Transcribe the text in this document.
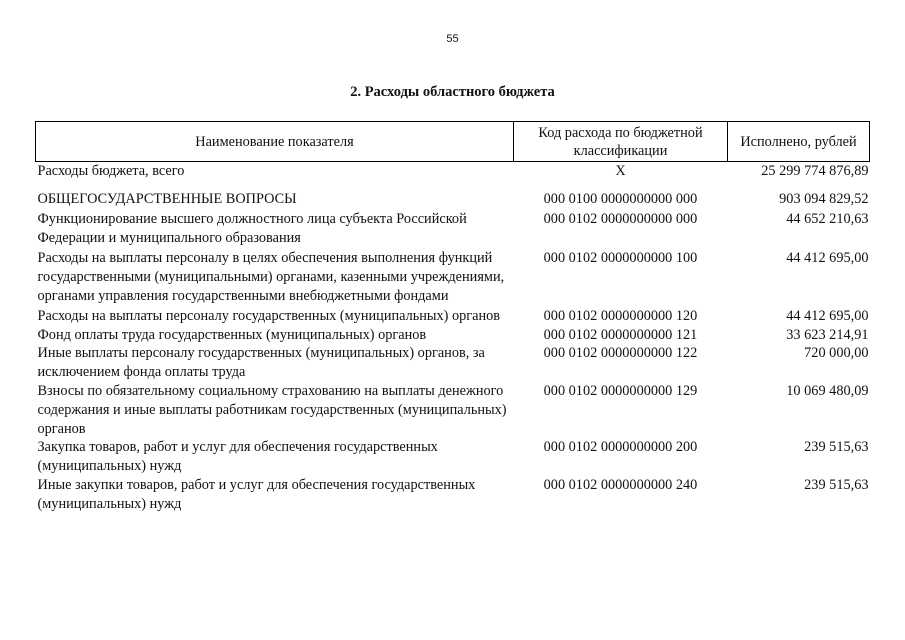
55
2. Расходы областного бюджета
Наименование показателя	Код расхода по бюджетной классификации	Исполнено, рублей
Расходы бюджета, всего	X	25 299 774 876,89
ОБЩЕГОСУДАРСТВЕННЫЕ ВОПРОСЫ	000 0100 0000000000 000	903 094 829,52
Функционирование высшего должностного лица субъекта Российской Федерации и муниципального образования	000 0102 0000000000 000	44 652 210,63
Расходы на выплаты персоналу в целях обеспечения выполнения функций государственными (муниципальными) органами, казенными учреждениями, органами управления государственными внебюджетными фондами	000 0102 0000000000 100	44 412 695,00
Расходы на выплаты персоналу государственных (муниципальных) органов	000 0102 0000000000 120	44 412 695,00
Фонд оплаты труда государственных (муниципальных) органов	000 0102 0000000000 121	33 623 214,91
Иные выплаты персоналу государственных (муниципальных) органов, за исключением фонда оплаты труда	000 0102 0000000000 122	720 000,00
Взносы по обязательному социальному страхованию на выплаты денежного содержания и иные выплаты работникам государственных (муниципальных) органов	000 0102 0000000000 129	10 069 480,09
Закупка товаров, работ и услуг для обеспечения государственных (муниципальных) нужд	000 0102 0000000000 200	239 515,63
Иные закупки товаров, работ и услуг для обеспечения государственных (муниципальных) нужд	000 0102 0000000000 240	239 515,63
